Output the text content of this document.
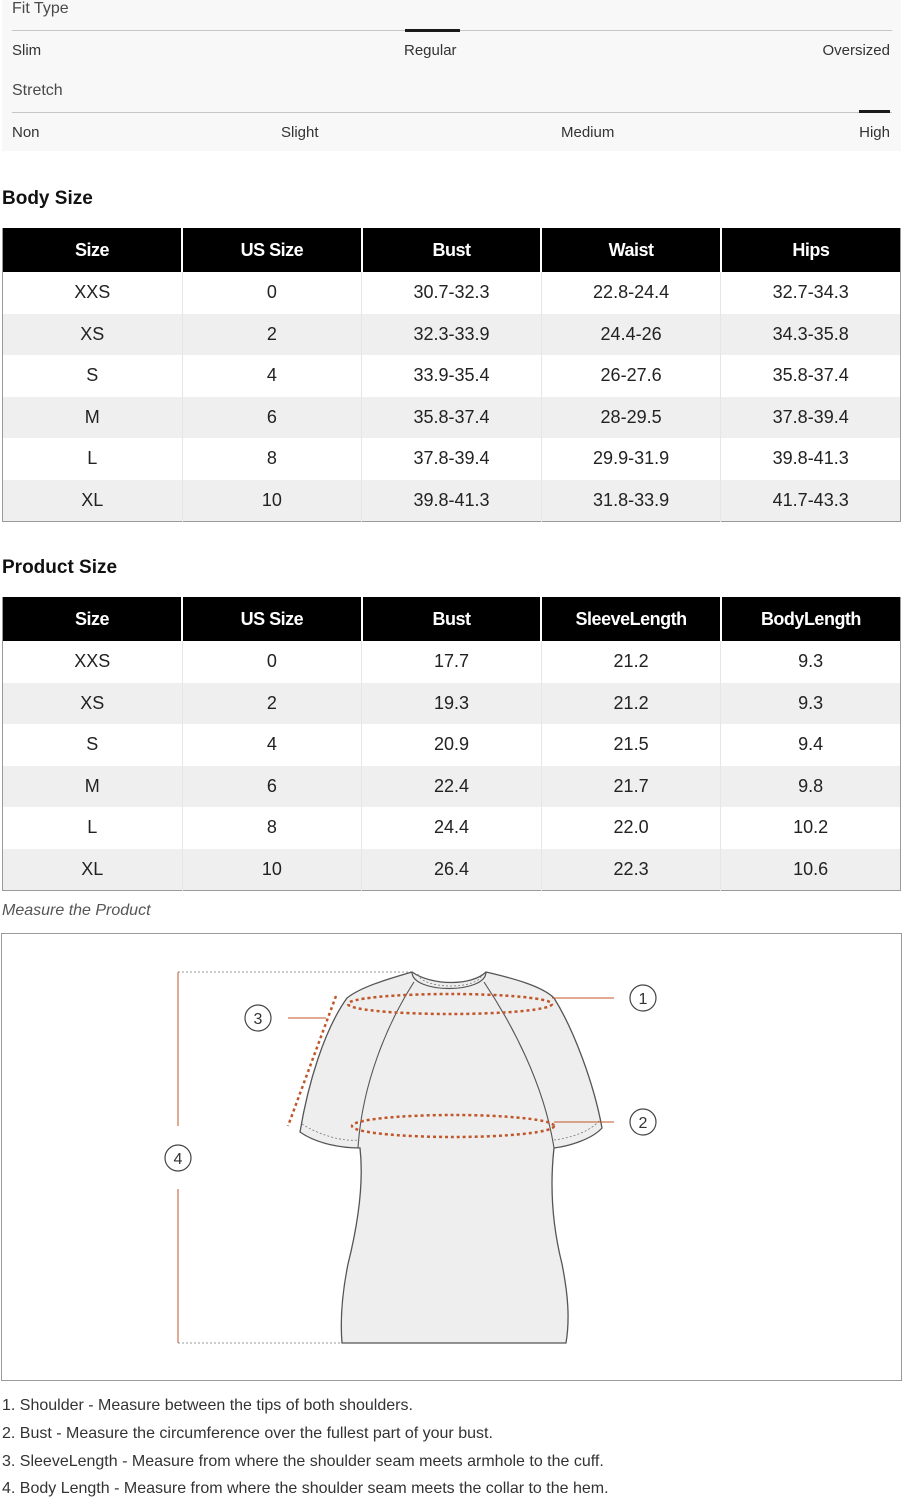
Fit Type
Slim	Regular	Oversized
Stretch
Non	Slight	Medium	High
Body Size
Size	US Size	Bust	Waist	Hips
XXS	0	30.7-32.3	22.8-24.4	32.7-34.3
XS	2	32.3-33.9	24.4-26	34.3-35.8
S	4	33.9-35.4	26-27.6	35.8-37.4
M	6	35.8-37.4	28-29.5	37.8-39.4
L	8	37.8-39.4	29.9-31.9	39.8-41.3
XL	10	39.8-41.3	31.8-33.9	41.7-43.3
Product Size
Size	US Size	Bust	SleeveLength	BodyLength
XXS	0	17.7	21.2	9.3
XS	2	19.3	21.2	9.3
S	4	20.9	21.5	9.4
M	6	22.4	21.7	9.8
L	8	24.4	22.0	10.2
XL	10	26.4	22.3	10.6
Measure the Product
1
2
3
4
1. Shoulder - Measure between the tips of both shoulders.
2. Bust - Measure the circumference over the fullest part of your bust.
3. SleeveLength - Measure from where the shoulder seam meets armhole to the cuff.
4. Body Length - Measure from where the shoulder seam meets the collar to the hem.
